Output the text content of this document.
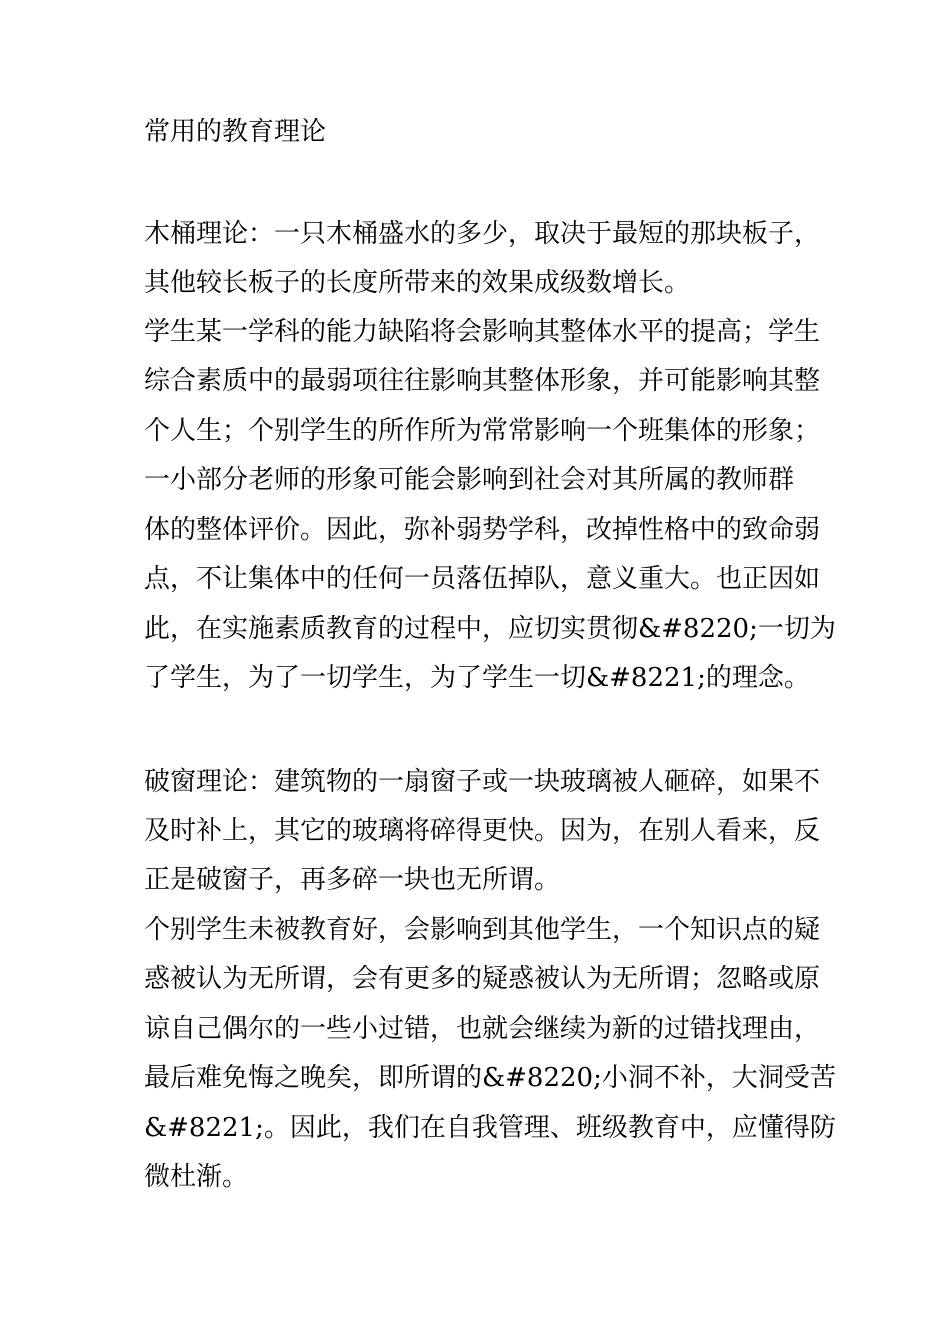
常用的教育理论

木桶理论：一只木桶盛水的多少，取决于最短的那块板子，

其他较长板子的长度所带来的效果成级数增长。

学生某一学科的能力缺陷将会影响其整体水平的提高；学生

综合素质中的最弱项往往影响其整体形象，并可能影响其整

个人生；个别学生的所作所为常常影响一个班集体的形象；

一小部分老师的形象可能会影响到社会对其所属的教师群

体的整体评价。因此，弥补弱势学科，改掉性格中的致命弱

点，不让集体中的任何一员落伍掉队，意义重大。也正因如

此，在实施素质教育的过程中，应切实贯彻&#8220;一切为

了学生，为了一切学生，为了学生一切&#8221;的理念。

破窗理论：建筑物的一扇窗子或一块玻璃被人砸碎，如果不

及时补上，其它的玻璃将碎得更快。因为，在别人看来，反

正是破窗子，再多碎一块也无所谓。

个别学生未被教育好，会影响到其他学生，一个知识点的疑

惑被认为无所谓，会有更多的疑惑被认为无所谓；忽略或原

谅自己偶尔的一些小过错，也就会继续为新的过错找理由，

最后难免悔之晚矣，即所谓的&#8220;小洞不补，大洞受苦

&#8221;。因此，我们在自我管理、班级教育中，应懂得防

微杜渐。
